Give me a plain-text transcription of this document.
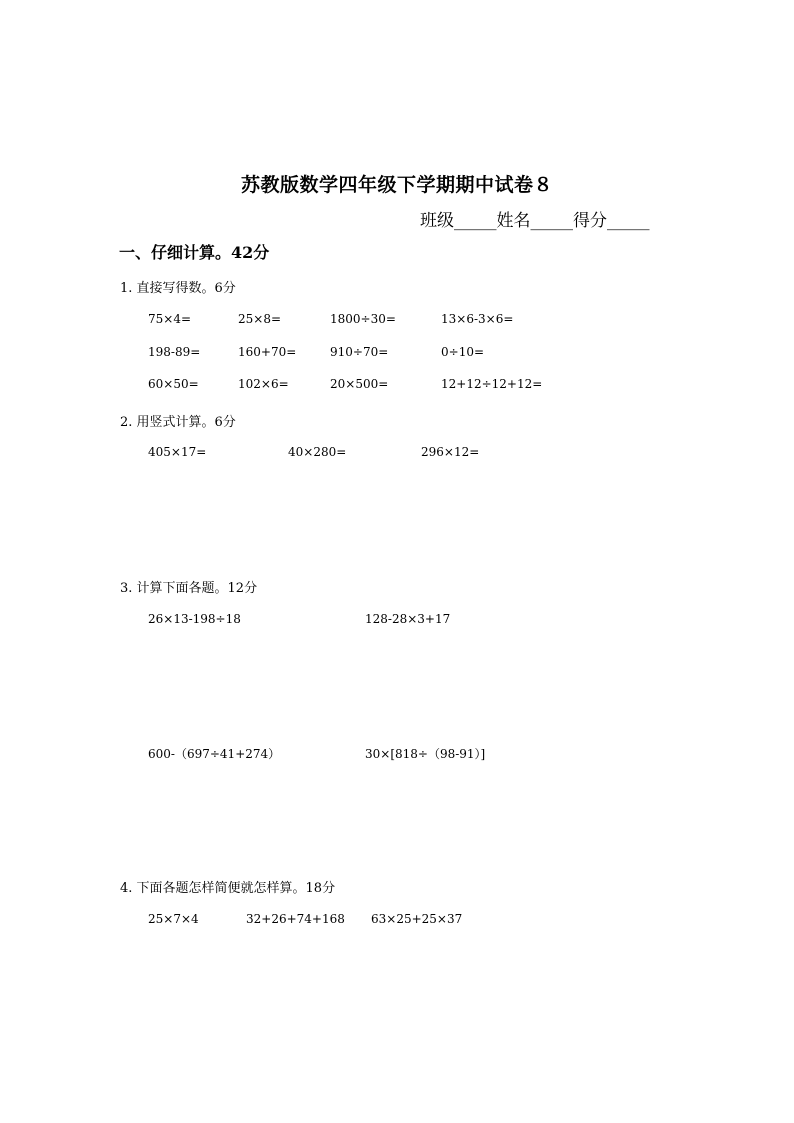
苏教版数学四年级下学期期中试卷８
班级_____姓名_____得分_____
一、仔细计算。42分
1. 直接写得数。6分
75×4=	25×8=	1800÷30=	13×6-3×6=
198-89=	160+70=	910÷70=	0÷10=
60×50=	102×6=	20×500=	12+12÷12+12=
2. 用竖式计算。6分
405×17=	40×280=	296×12=
3. 计算下面各题。12分
26×13-198÷18	128-28×3+17
600-（697÷41+274）	30×[818÷（98-91）]
4. 下面各题怎样简便就怎样算。18分
25×7×4	32+26+74+168 63×25+25×37
